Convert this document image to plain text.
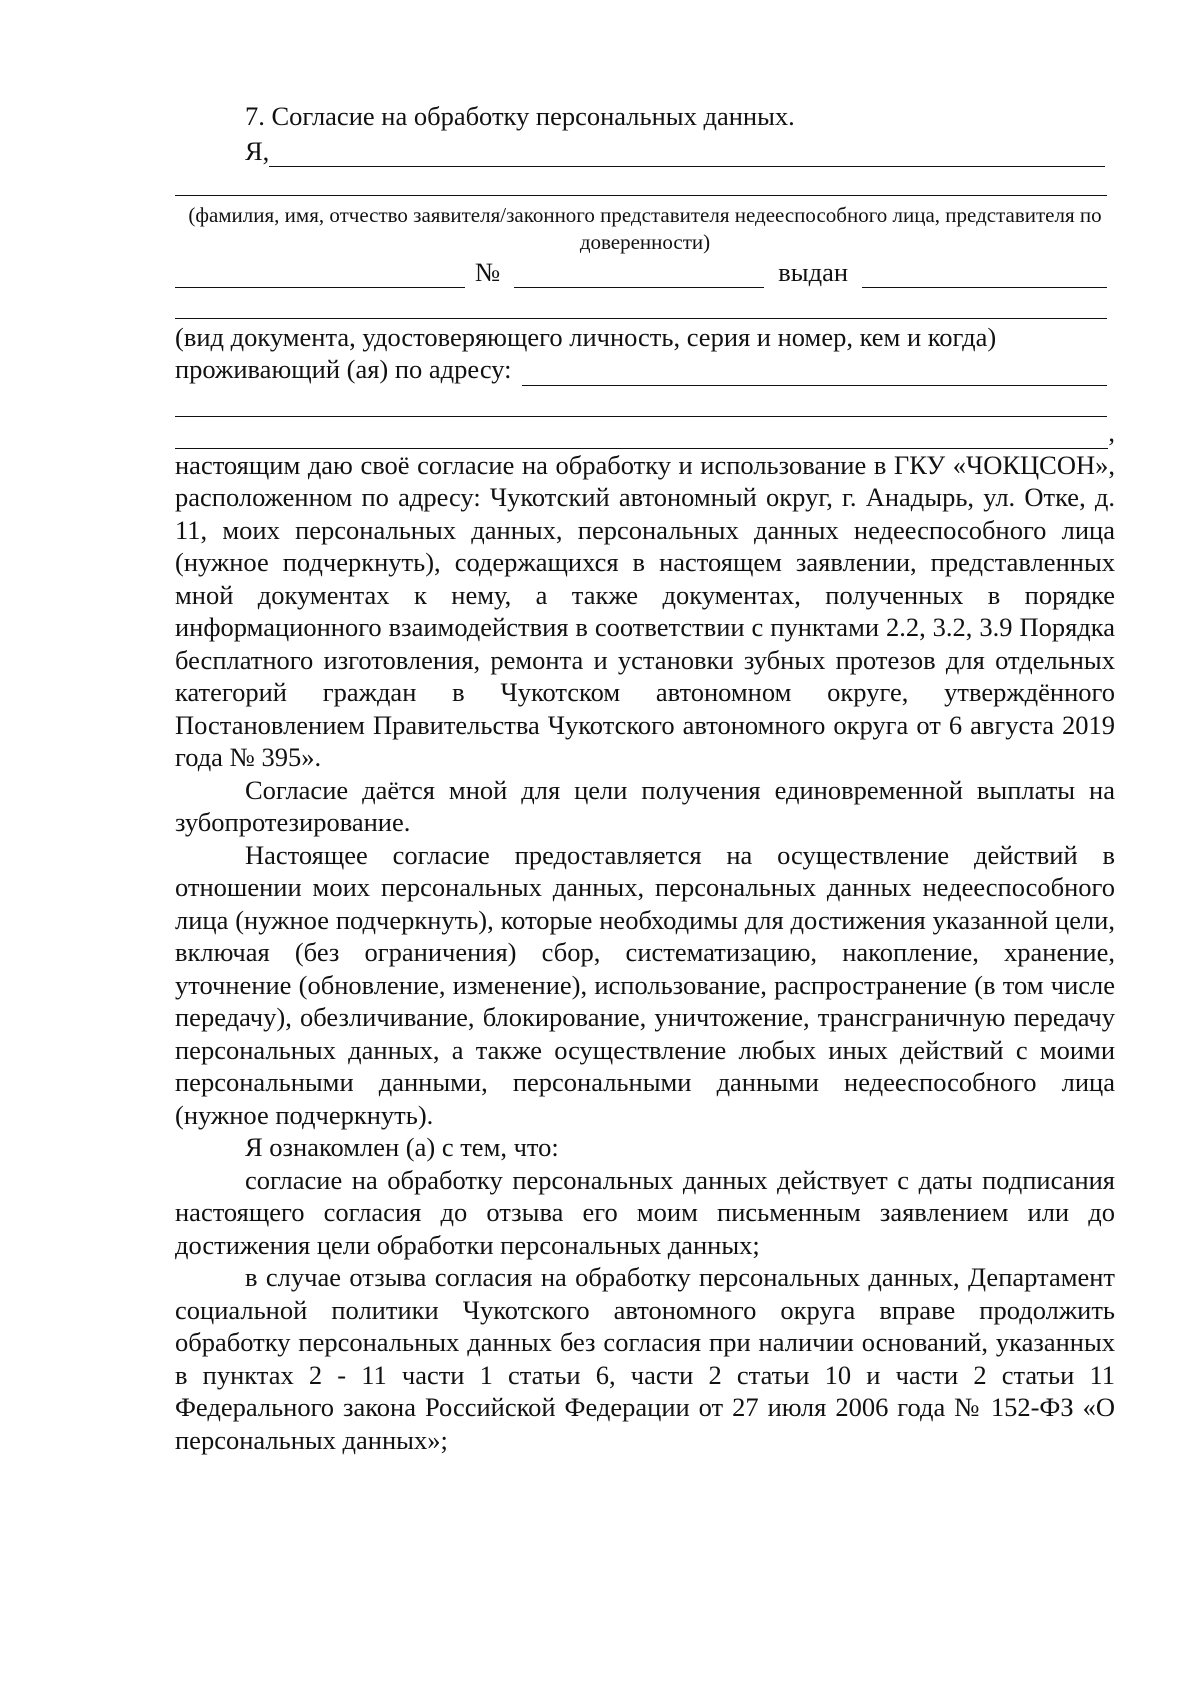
7. Согласие на обработку персональных данных.
Я,
(фамилия, имя, отчество заявителя/законного представителя недееспособного лица, представителя по доверенности)
№	выдан
(вид документа, удостоверяющего личность, серия и номер, кем и когда)
проживающий (ая) по адресу:
,

настоящим даю своё согласие на обработку и использование в ГКУ «ЧОКЦСОН», расположенном по адресу: Чукотский автономный округ, г. Анадырь, ул. Отке, д. 11, моих персональных данных, персональных данных недееспособного лица (нужное подчеркнуть), содержащихся в настоящем заявлении, представленных мной документах к нему, а также документах, полученных в порядке информационного взаимодействия в соответствии с пунктами 2.2, 3.2, 3.9 Порядка бесплатного изготовления, ремонта и установки зубных протезов для отдельных категорий граждан в Чукотском автономном округе, утверждённого Постановлением Правительства Чукотского автономного округа от 6 августа 2019 года № 395».

Согласие даётся мной для цели получения единовременной выплаты на зубопротезирование.

Настоящее согласие предоставляется на осуществление действий в отношении моих персональных данных, персональных данных недееспособного лица (нужное подчеркнуть), которые необходимы для достижения указанной цели, включая (без ограничения) сбор, систематизацию, накопление, хранение, уточнение (обновление, изменение), использование, распространение (в том числе передачу), обезличивание, блокирование, уничтожение, трансграничную передачу персональных данных, а также осуществление любых иных действий с моими персональными данными, персональными данными недееспособного лица (нужное подчеркнуть).

Я ознакомлен (а) с тем, что:

согласие на обработку персональных данных действует с даты подписания настоящего согласия до отзыва его моим письменным заявлением или до достижения цели обработки персональных данных;

в случае отзыва согласия на обработку персональных данных, Департамент социальной политики Чукотского автономного округа вправе продолжить обработку персональных данных без согласия при наличии оснований, указанных в пунктах 2 - 11 части 1 статьи 6, части 2 статьи 10 и части 2 статьи 11 Федерального закона Российской Федерации от 27 июля 2006 года № 152-ФЗ «О персональных данных»;
